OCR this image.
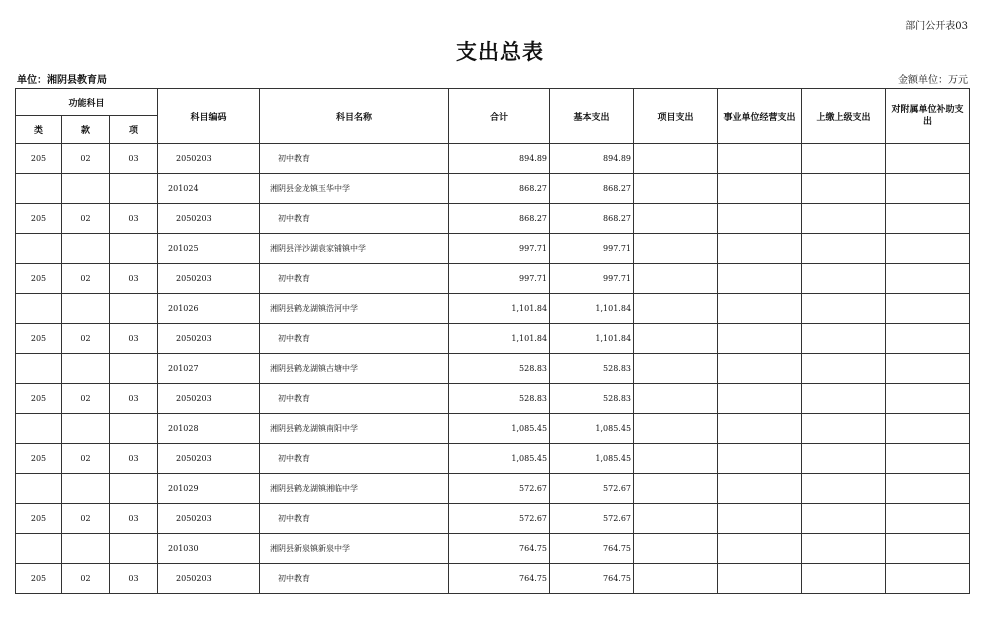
部门公开表03
支出总表
单位：湘阴县教育局	金额单位：万元
功能科目			科目编码	科目名称	合计	基本支出	项目支出	事业单位经营支出	上缴上级支出	对附属单位补助支出
类	款	项								
205	02	03	2050203	初中教育	894.89	894.89				
			201024	湘阴县金龙镇玉华中学	868.27	868.27				
205	02	03	2050203	初中教育	868.27	868.27				
			201025	湘阴县洋沙湖袁家铺镇中学	997.71	997.71				
205	02	03	2050203	初中教育	997.71	997.71				
			201026	湘阴县鹤龙湖镇浩河中学	1,101.84	1,101.84				
205	02	03	2050203	初中教育	1,101.84	1,101.84				
			201027	湘阴县鹤龙湖镇古塘中学	528.83	528.83				
205	02	03	2050203	初中教育	528.83	528.83				
			201028	湘阴县鹤龙湖镇南阳中学	1,085.45	1,085.45				
205	02	03	2050203	初中教育	1,085.45	1,085.45				
			201029	湘阴县鹤龙湖镇湘临中学	572.67	572.67				
205	02	03	2050203	初中教育	572.67	572.67				
			201030	湘阴县新泉镇新泉中学	764.75	764.75				
205	02	03	2050203	初中教育	764.75	764.75				
